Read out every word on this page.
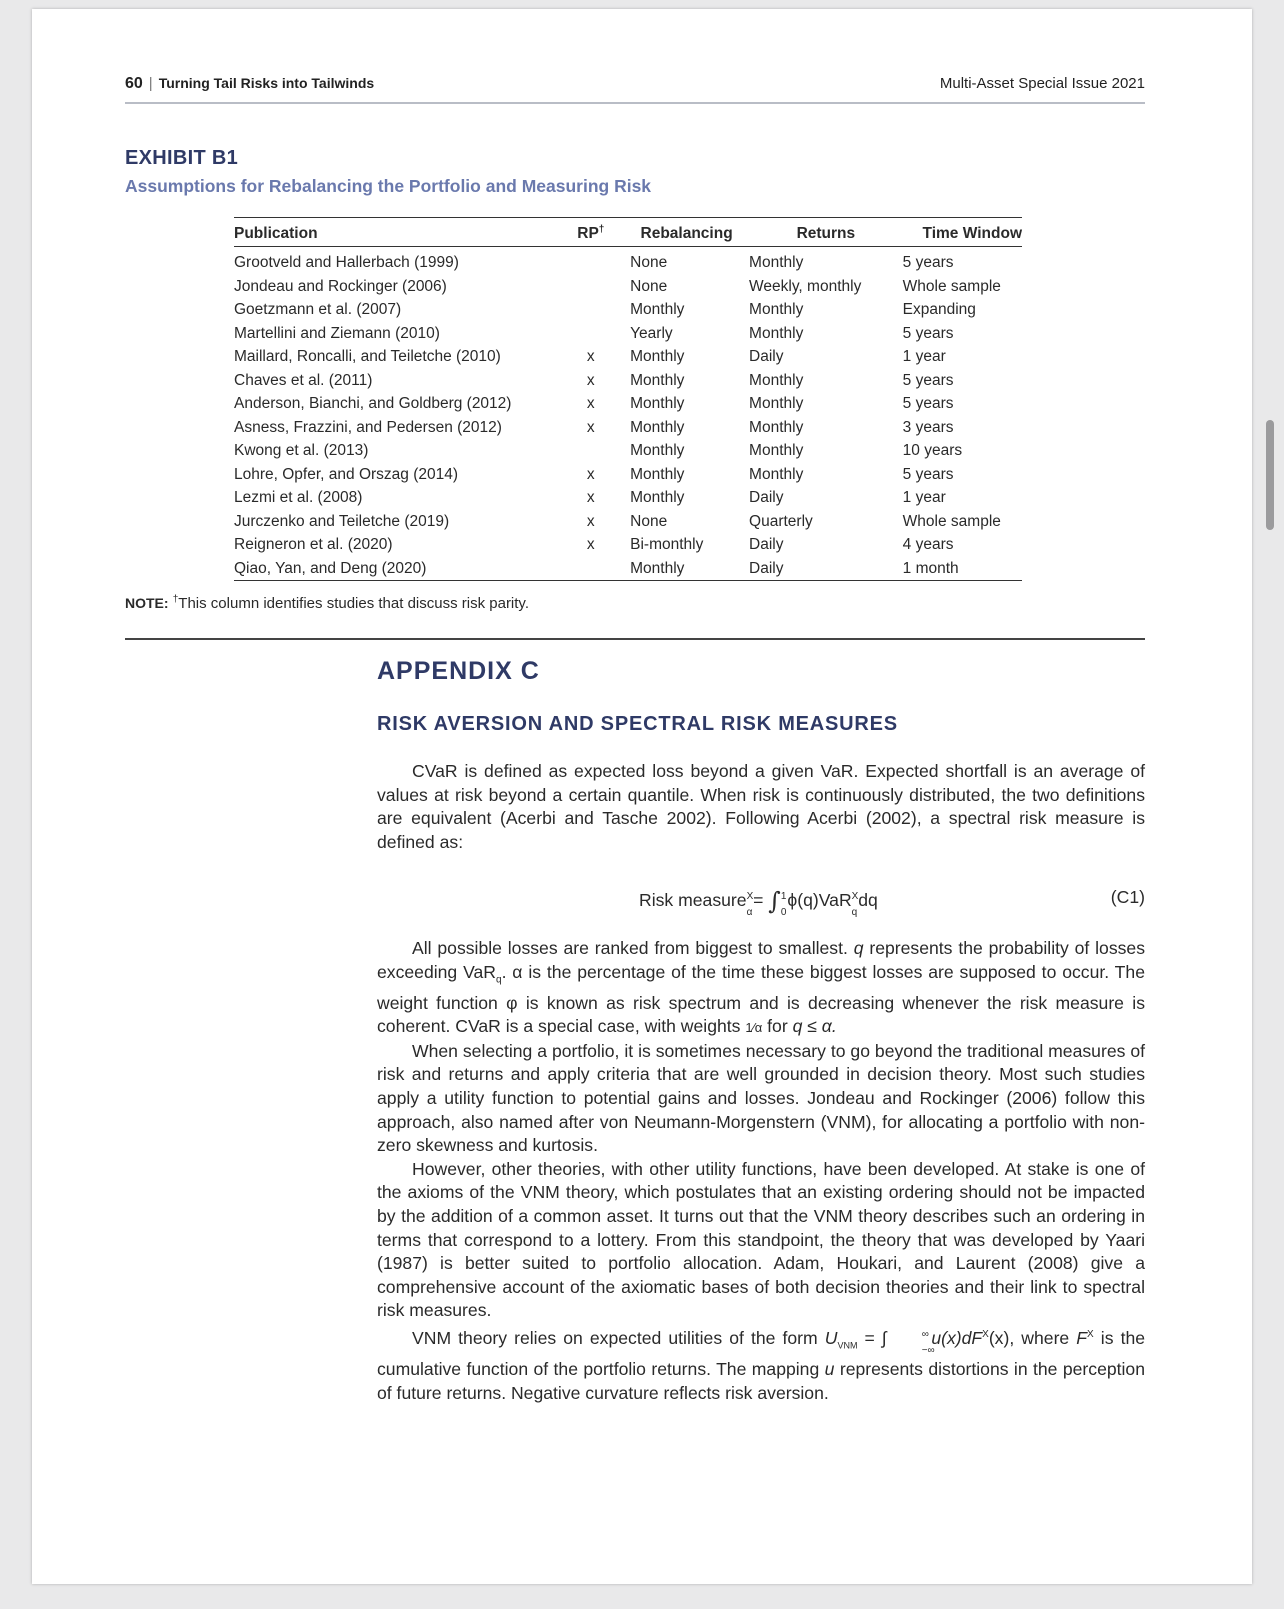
60 | Turning Tail Risks into Tailwinds	Multi-Asset Special Issue 2021
EXHIBIT B1
Assumptions for Rebalancing the Portfolio and Measuring Risk
Publication	RP†	Rebalancing	Returns	Time Window
Grootveld and Hallerbach (1999)		None	Monthly	5 years
Jondeau and Rockinger (2006)		None	Weekly, monthly	Whole sample
Goetzmann et al. (2007)		Monthly	Monthly	Expanding
Martellini and Ziemann (2010)		Yearly	Monthly	5 years
Maillard, Roncalli, and Teiletche (2010)	x	Monthly	Daily	1 year
Chaves et al. (2011)	x	Monthly	Monthly	5 years
Anderson, Bianchi, and Goldberg (2012)	x	Monthly	Monthly	5 years
Asness, Frazzini, and Pedersen (2012)	x	Monthly	Monthly	3 years
Kwong et al. (2013)		Monthly	Monthly	10 years
Lohre, Opfer, and Orszag (2014)	x	Monthly	Monthly	5 years
Lezmi et al. (2008)	x	Monthly	Daily	1 year
Jurczenko and Teiletche (2019)	x	None	Quarterly	Whole sample
Reigneron et al. (2020)	x	Bi-monthly	Daily	4 years
Qiao, Yan, and Deng (2020)		Monthly	Daily	1 month
NOTE: †This column identifies studies that discuss risk parity.
APPENDIX C
RISK AVERSION AND SPECTRAL RISK MEASURES

CVaR is defined as expected loss beyond a given VaR. Expected shortfall is an average of values at risk beyond a certain quantile. When risk is continuously distributed, the two definitions are equivalent (Acerbi and Tasche 2002). Following Acerbi (2002), a spectral risk measure is defined as:

Risk measure X
α
   = ∫ 1
0
   ϕ(q)VaR X
q
   dq	(C1)

All possible losses are ranked from biggest to smallest. q represents the probability of losses exceeding VaR$_q$. α is the percentage of the time these biggest losses are supposed to occur. The weight function φ is known as risk spectrum and is decreasing whenever the risk measure is coherent. CVaR is a special case, with weights 1⁄α for q ≤ α.

When selecting a portfolio, it is sometimes necessary to go beyond the traditional measures of risk and returns and apply criteria that are well grounded in decision theory. Most such studies apply a utility function to potential gains and losses. Jondeau and Rockinger (2006) follow this approach, also named after von Neumann-Morgenstern (VNM), for allocating a portfolio with non-zero skewness and kurtosis.

However, other theories, with other utility functions, have been developed. At stake is one of the axioms of the VNM theory, which postulates that an existing ordering should not be impacted by the addition of a common asset. It turns out that the VNM theory describes such an ordering in terms that correspond to a lottery. From this standpoint, the theory that was developed by Yaari (1987) is better suited to portfolio allocation. Adam, Houkari, and Laurent (2008) give a comprehensive account of the axiomatic bases of both decision theories and their link to spectral risk measures.

VNM theory relies on expected utilities of the form $U_{VNM}$ = ∫	∞
−∞
    $u(x)dF^X(x)$, where $F^X$ is the cumulative function of the portfolio returns. The mapping u represents distortions in the perception of future returns. Negative curvature reflects risk aversion.
